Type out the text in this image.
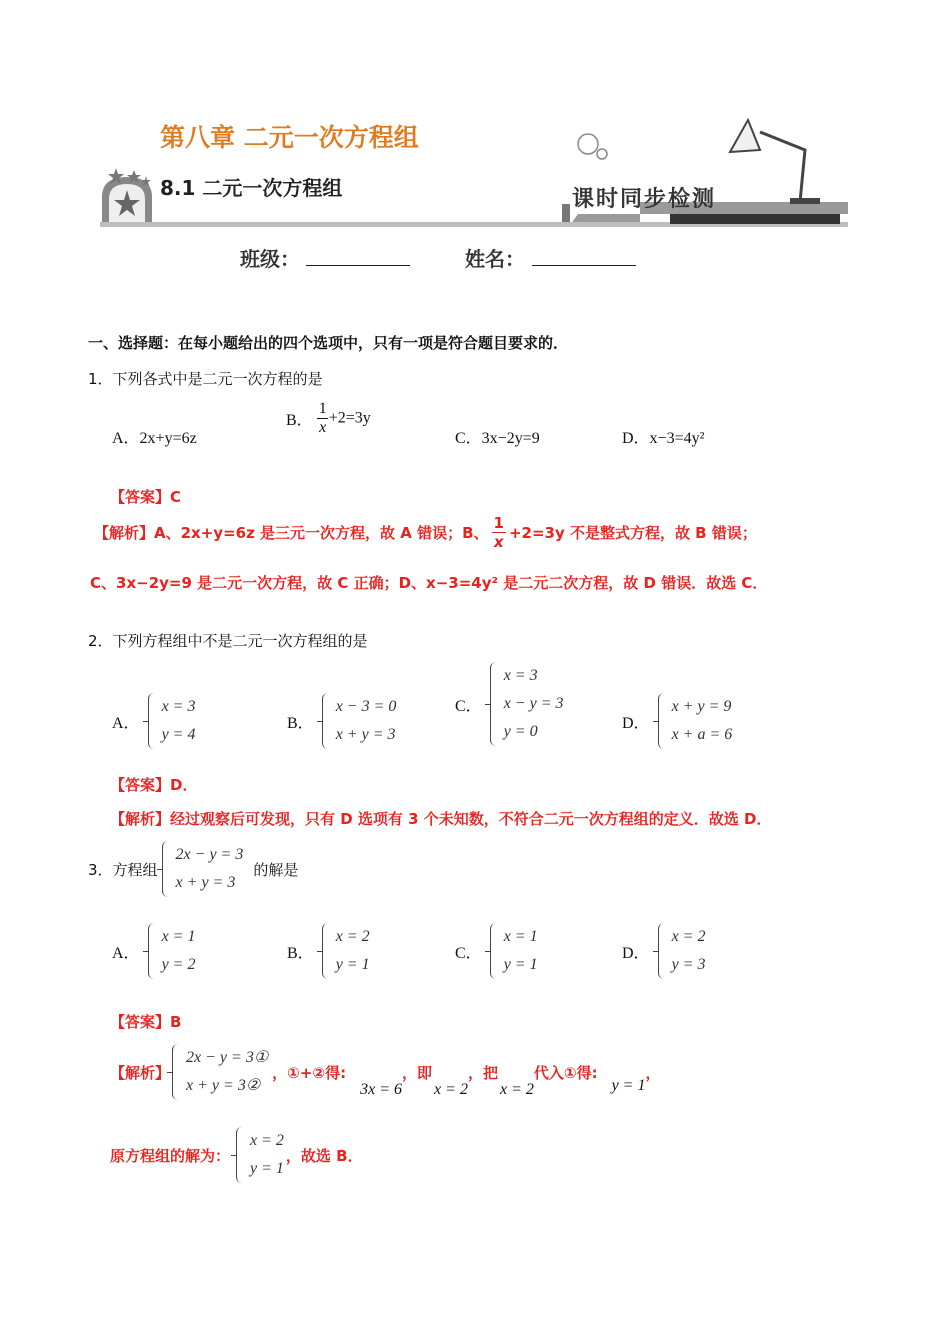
第八章 二元一次方程组
8.1 二元一次方程组	课时同步检测
班级：	姓名：
一、选择题：在每小题给出的四个选项中，只有一项是符合题目要求的．
1．下列各式中是二元一次方程的是
A．2x+y=6z
B． $\frac{1}{x} +2=3y$
C．3x−2y=9	D．x−3=4y²
【答案】C
【解析】A、2x+y=6z 是三元一次方程，故 A 错误；B、 $\frac{1}{x} +2=3y$ 不是整式方程，故 B 错误；
C、3x−2y=9 是二元一次方程，故 C 正确；D、x−3=4y² 是二元二次方程，故 D 错误．故选 C．
2．下列方程组中不是二元一次方程组的是
A．
x = 3
y = 4
B．
x − 3 = 0
x + y = 3
C．
x = 3
x − y = 3
y = 0	D．
x + y = 9
x + a = 6
【答案】D．
【解析】经过观察后可发现，只有 D 选项有 3 个未知数，不符合二元一次方程组的定义．故选 D．
3．方程组
2x − y = 3
x + y = 3
的解是
A．
x = 1
y = 2
B．
x = 2
y = 1
C．
x = 1
y = 1
D．
x = 2
y = 3
【答案】B
【解析】
2x − y = 3①
x + y = 3②
，①+②得:
3x = 6
，即
x = 2
，把
x = 2
代入①得:
y = 1
，
原方程组的解为：
x = 2
y = 1
，故选 B．
